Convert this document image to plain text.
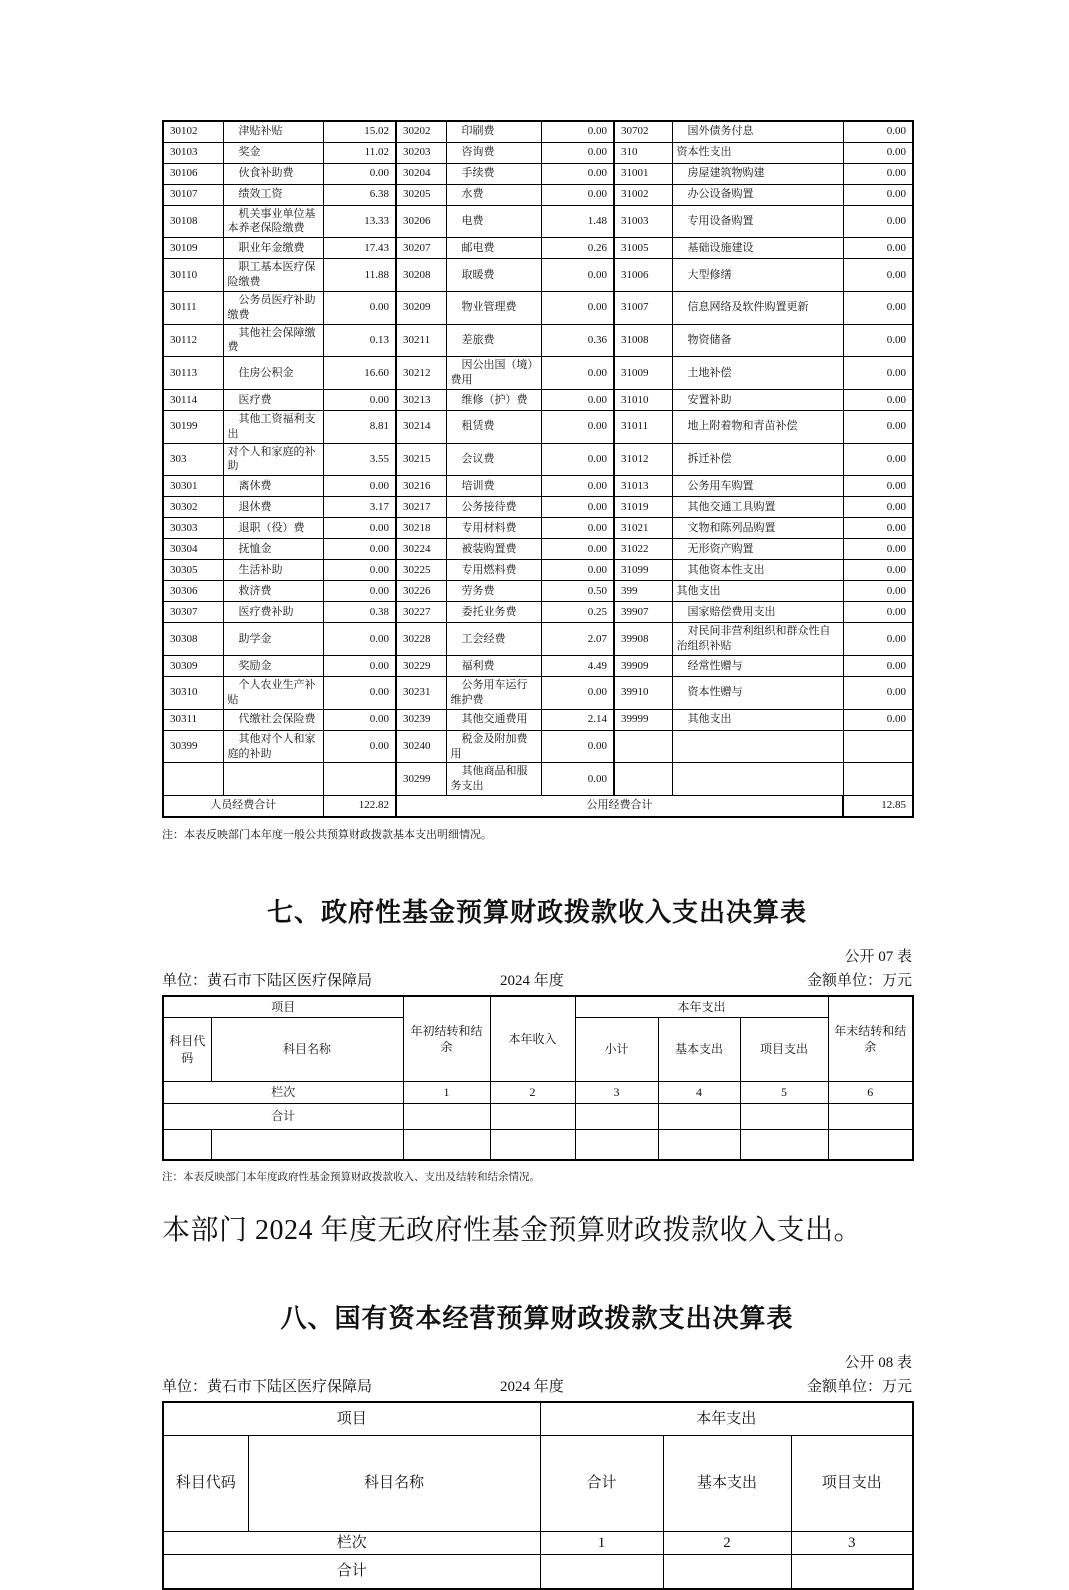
30102	津贴补贴	15.02	30202	印刷费	0.00	30702	国外债务付息	0.00
30103	奖金	11.02	30203	咨询费	0.00	310	资本性支出	0.00
30106	伙食补助费	0.00	30204	手续费	0.00	31001	房屋建筑物购建	0.00
30107	绩效工资	6.38	30205	水费	0.00	31002	办公设备购置	0.00
30108	机关事业单位基本养老保险缴费	13.33	30206	电费	1.48	31003	专用设备购置	0.00
30109	职业年金缴费	17.43	30207	邮电费	0.26	31005	基础设施建设	0.00
30110	职工基本医疗保险缴费	11.88	30208	取暖费	0.00	31006	大型修缮	0.00
30111	公务员医疗补助缴费	0.00	30209	物业管理费	0.00	31007	信息网络及软件购置更新	0.00
30112	其他社会保障缴费	0.13	30211	差旅费	0.36	31008	物资储备	0.00
30113	住房公积金	16.60	30212	因公出国（境）费用	0.00	31009	土地补偿	0.00
30114	医疗费	0.00	30213	维修（护）费	0.00	31010	安置补助	0.00
30199	其他工资福利支出	8.81	30214	租赁费	0.00	31011	地上附着物和青苗补偿	0.00
303	对个人和家庭的补助	3.55	30215	会议费	0.00	31012	拆迁补偿	0.00
30301	离休费	0.00	30216	培训费	0.00	31013	公务用车购置	0.00
30302	退休费	3.17	30217	公务接待费	0.00	31019	其他交通工具购置	0.00
30303	退职（役）费	0.00	30218	专用材料费	0.00	31021	文物和陈列品购置	0.00
30304	抚恤金	0.00	30224	被装购置费	0.00	31022	无形资产购置	0.00
30305	生活补助	0.00	30225	专用燃料费	0.00	31099	其他资本性支出	0.00
30306	救济费	0.00	30226	劳务费	0.50	399	其他支出	0.00
30307	医疗费补助	0.38	30227	委托业务费	0.25	39907	国家赔偿费用支出	0.00
30308	助学金	0.00	30228	工会经费	2.07	39908	对民间非营利组织和群众性自治组织补贴	0.00
30309	奖励金	0.00	30229	福利费	4.49	39909	经常性赠与	0.00
30310	个人农业生产补贴	0.00	30231	公务用车运行维护费	0.00	39910	资本性赠与	0.00
30311	代缴社会保险费	0.00	30239	其他交通费用	2.14	39999	其他支出	0.00
30399	其他对个人和家庭的补助	0.00	30240	税金及附加费用	0.00			
			30299	其他商品和服务支出	0.00			
人员经费合计		122.82	公用经费合计					12.85
注：本表反映部门本年度一般公共预算财政拨款基本支出明细情况。
七、政府性基金预算财政拨款收入支出决算表
公开 07 表
单位：黄石市下陆区医疗保障局	2024 年度	金额单位：万元
项目		年初结转和结 余	本年收入	本年支出			年末结转和结 余
科目代 码	科目名称			小计	基本支出	项目支出	
栏次		1	2	3	4	5	6
合计							

注：本表反映部门本年度政府性基金预算财政拨款收入、支出及结转和结余情况。
本部门 2024 年度无政府性基金预算财政拨款收入支出。
八、国有资本经营预算财政拨款支出决算表
公开 08 表
单位：黄石市下陆区医疗保障局	2024 年度	金额单位：万元
项目		本年支出		
科目代码	科目名称	合计	基本支出	项目支出
栏次		1	2	3
合计				
